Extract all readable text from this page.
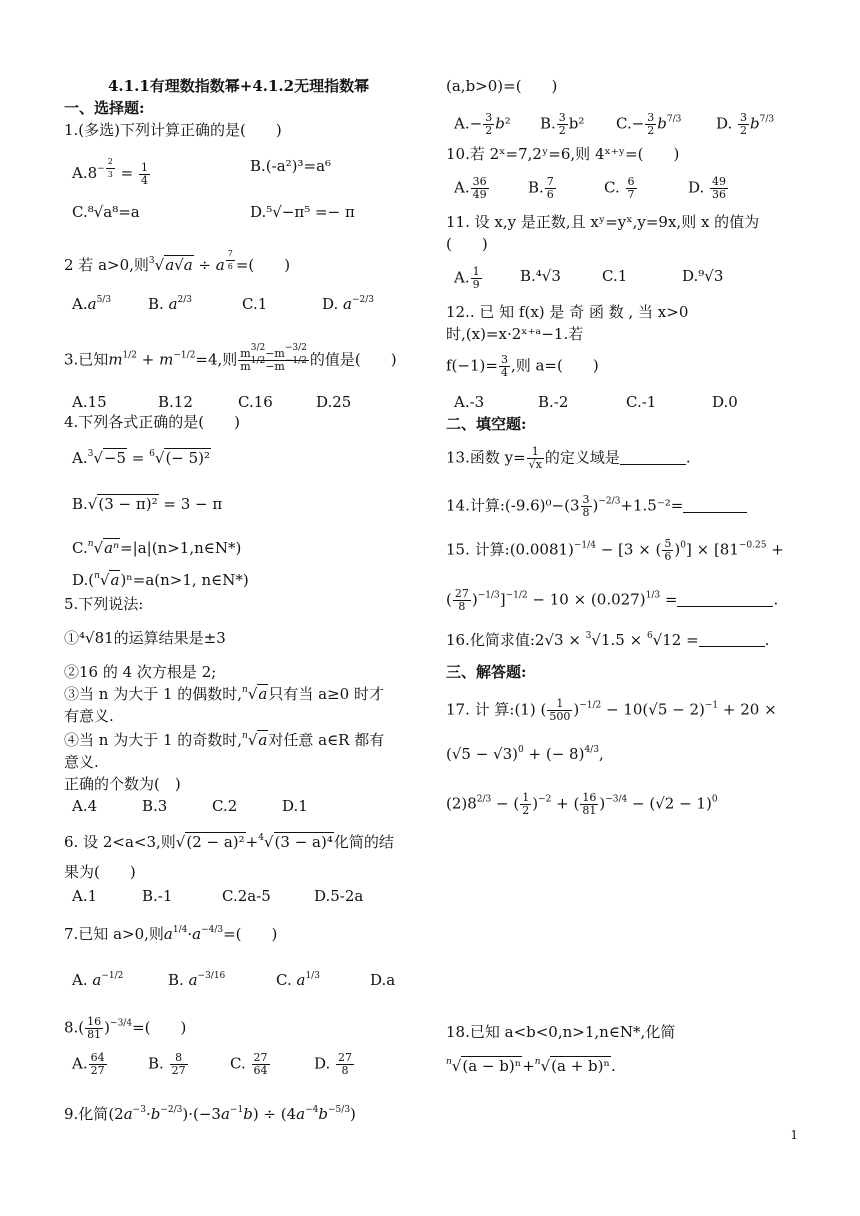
4.1.1有理数指数幂+4.1.2无理指数幂
一、选择题:
1.(多选)下列计算正确的是(　　)
$A.8^{- \frac{2}{3}} = \frac{1}{4}$	B.(-a²)³=a⁶
C.⁸√a⁸=a	D.⁵√−π⁵ =− π
2 若 a>0,则$^3$√a√a ÷ a $^{\frac{7}{6}}$ =(　　)
$A.a^{5/3}$ B. $a^{2/3}$	C.1	D. $a^{-2/3}$
3.已知$m^{1/2} + m^{-1/2}=4$,则 $\frac{m^{3/2}-m^{-3/2}}{m^{1/2}-m^{-1/2}}$ 的值是(　　)
A.15	B.12	C.16	D.25
4.下列各式正确的是(　　)
A.$^3$√−5 = $^6$√(− 5)²
B.√(3 − π)² = 3 − π
C.$^n$√aⁿ=|a|(n>1,n∈N*)
D.($^n$√a)ⁿ=a(n>1, n∈N*)
5.下列说法:
①⁴√81的运算结果是±3
②16 的 4 次方根是 2;
③当 n 为大于 1 的偶数时,$^n$√a只有当 a≥0 时才
有意义.
④当 n 为大于 1 的奇数时,$^n$√a对任意 a∈R 都有
意义.
正确的个数为(　)
A.4	B.3	C.2	D.1
6. 设 2<a<3,则√(2 − a)²+$^4$√(3 − a)⁴化简的结
果为(　　)
A.1	B.-1	C.2a-5	D.5-2a
7.已知 a>0,则$a^{1/4}\cdot a^{-4/3}=$(　　)
A. $a^{-1/2}$	B. $a^{-3/16}$	C. $a^{1/3}$	D.a
$8.( \frac{16}{81} )^{-3/4}=$(　　)
A. $\frac{64}{27}$	B. $\frac{8}{27}$	C. $\frac{27}{64}$	D. $\frac{27}{8}$
9.化简$(2a^{-3}\cdot b^{-2/3})\cdot(-3a^{-1}b) \div (4a^{-4}b^{-5/3})$
(a,b>0)=(　　)
$A.- \frac{3}{2} b^2$ B. $\frac{3}{2} b^2$ $C.- \frac{3}{2} b^{7/3}$ D. $\frac{3}{2} b^{7/3}$
10.若 2ˣ=7,2ʸ=6,则 4ˣ⁺ʸ=(　　)
A. $\frac{36}{49}$	B. $\frac{7}{6}$	C. $\frac{6}{7}$	D. $\frac{49}{36}$
11. 设 x,y 是正数,且 xʸ=yˣ,y=9x,则 x 的值为
(　　)
A. $\frac{1}{9}$	B.⁴√3	C.1	D.⁹√3
12.. 已 知 f(x) 是 奇 函 数 , 当 x>0
时,(x)=x·2ˣ⁺ᵃ−1.若
$f(-1)= \frac{3}{4}$ ,则 a=(　　)
A.-3	B.-2	C.-1	D.0
二、填空题:
13.函数 $y= \frac{1}{√x}$ 的定义域是	.
14.计算:(-9.6)⁰−(3 $\frac{3}{8} )^{-2/3}+1.5^{-2}=$
15. 计算$:(0.0081)^{-1/4} - [3$ × ( $\frac{5}{6} )^0] \times [81^{-0.25}$ +
( $\frac{27}{8} )^{-1/3}]^{-1/2} - 10 \times (0.027)^{1/3}$ =	.
16.化简求值:2√3 × $^3$√1.5 × $^6$√12 =	.
三、解答题:
17. 计 算:(1) ( $\frac{1}{500} )^{-1/2} - 10(√5 - 2)^{-1} + 20$ ×
$(√5 - √3)^0$ + (− 8)$^{4/3}$,
$(2)8^{2/3}$ − ( $\frac{1}{2} )^{-2}$ + ( $\frac{16}{81} )^{-3/4} - (√2 - 1)^0$
18.已知 a<b<0,n>1,n∈N*,化简
$^n$√(a − b)ⁿ+$^n$√(a + b)ⁿ.
1
